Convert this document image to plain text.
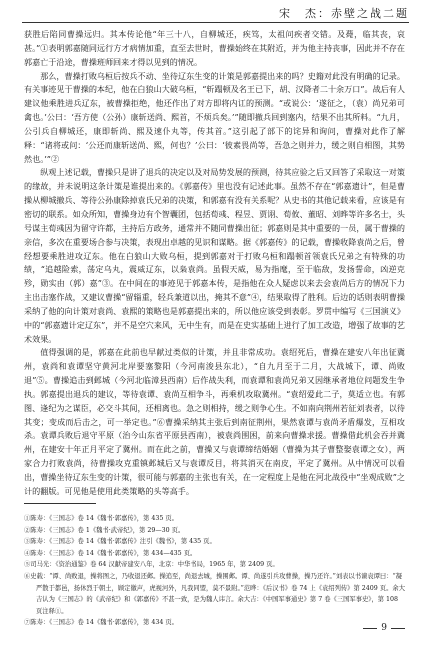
宋　杰：赤壁之战二题

获胜后陷同曹操远归。其本传论他“年三十八，自柳城还，疾笃，太祖问疾者交错。及薨，临其丧，哀甚。”①表明郭嘉随同远行方才病情加重，直至去世时，曹操始终在其附近，并为他主持丧事，因此并不存在郭嘉亡于沿途，曹操班师回来才得以见到的情况。

那么，曹操打败乌桓后按兵不动、坐待辽东生变的计策是郭嘉提出来的吗？史籍对此没有明确的记录。有关事迹见于曹操的本纪，他在白狼山大破乌桓，“斩蹋顿及名王已下，胡、汉降者二十余万口”。战后有人建议他乘胜进兵辽东，被曹操拒绝，他还作出了对方即将内讧的预测。“或说公：‘遂征之，（袁）尚兄弟可禽也。’公曰：‘吾方使（公孙）康斩送尚、熙首，不烦兵矣。’”随即撤兵回到塞内，结果不出其所料。“九月，公引兵自柳城还，康即斩尚、熙及速仆丸等，传其首。”这引起了部下的诧异和询问，曹操对此作了解释：“诸将或问：‘公还而康斩送尚、熙，何也？’公曰：‘彼素畏尚等，吾急之则并力，缓之则自相图，其势然也。’”②

纵观上述记载，曹操只是讲了退兵的决定以及对局势发展的预测，待其应验之后又回答了采取这一对策的缘故，并未说明这条计策是谁提出来的。《郭嘉传》里也没有记述此事。虽然不存在“郭嘉遗计”，但是曹操从柳城撤兵、等待公孙康除掉袁氏兄弟的决策，和郭嘉有没有关系呢？从史书的其他记载来看，应该是有密切的联系。如众所知，曹操身边有个智囊团，包括荀彧、程昱、贾诩、荀攸、董昭、刘晔等许多名士，头号谋主荀彧因为留守许都，主持后方政务，通常并不随同曹操出征；郭嘉则是其中重要的一员，属于曹操的亲信，多次在重要场合参与决策，表现出卓越的见识和谋略。据《郭嘉传》的记载，曹操收降袁尚之后，曾经想要乘胜进攻辽东。他在白狼山大败乌桓，提到郭嘉对于打败乌桓和蹋顿首领袁氏兄弟之有特殊的功绩，“追越险索，荡定乌丸，震威辽东，以枭袁尚。虽假天威，易为指麾，至于临敌，发扬誓命，凶逆克殄，勋实由（郭）嘉”③。在中间在的事迹见于郭嘉本传，是指他在众人疑虑以来去会袁尚后方的情况下力主出击塞作战，又建议曹操“留辎重，轻兵兼道以出，掩其不意”④，结果取得了胜利。后边的话则表明曹操采纳了他的向计策对袁尚、袁熙的策略也是郭嘉提出来的，所以他应该受到表彰。罗贯中编写《三国演义》中的“郭嘉遗计定辽东”，并不是空穴来风，无中生有，而是在史实基础上进行了加工改造，增强了故事的艺术效果。

值得强调的是，郭嘉在此前也早献过类似的计策，并且非常成功。袁绍死后，曹操在建安八年出征冀州，袁尚和袁谭坚守黄河北岸要塞黎阳（今河南浚县东北），“自九月至于二月，大战城下，谭、尚败退”⑤。曹操追击到邺城（今河北临漳县西南）后作战失利，而袁谭和袁尚兄弟又因继承者地位问题发生争执。郭嘉提出退兵的建议，等待袁谭、袁尚互相争斗，再乘机攻取冀州。“袁绍爱此二子，莫适立也。有郭图、逢纪为之谋臣，必交斗其间，还相离也。急之则相持，缓之则争心生。不如南向荆州若征刘表者，以待其变；变成而后击之，可一举定也。”⑥曹操采纳其主张后到南征荆州，果然袁谭与袁尚矛盾爆发，互相攻杀。袁谭兵败后退守平原（治今山东省平原县西南），被袁尚围困，前来向曹操求援。曹操借此机会吞并冀州，在建安十年正月平定了冀州。而在此之前，曹操又与袁谭缔结婚姻（曹操为其子曹整娶袁谭之女），两家合力打败袁尚，待曹操攻克重镇邺城后又与袁谭反目，将其消灭在南皮，平定了冀州。从中情况可以看出，曹操坐待辽东生变的计策，很可能与郭嘉的主张也有关，在一定程度上是他在河北战役中“坐观成败”之计的翻版。可见他是使用此类策略的头等高手。

①陈寿：《三国志》卷 14《魏书·郭嘉传》，第 435 页。

②陈寿：《三国志》卷 1《魏书·武帝纪》，第 29—30 页。

③陈寿：《三国志》卷 14《魏书·郭嘉传》注引《魏书》，第 435 页。

④陈寿：《三国志》卷 14《魏书·郭嘉传》，第 434—435 页。

⑤司马光：《资治通鉴》卷 64 汉献帝建安八年，北京：中华书局，1965 年，第 2409 页。

⑥史载：“谭、尚败退，操将图之，乃收退还邺。操追至，尚退去城，操围邺。谭、尚遂引兵攻曹操，操乃还许。”刘表以书谏袁谭曰：“凝严散于都邑，扬休烈于朝土，顾定徽声，虎视河外，凡我同盟，莫不景附。”范晔：《后汉书》卷 74 上《袁绍列传》第 2409 页。余大吉认为《三国志》的《武帝纪》和《郭嘉传》不甚一致，是为魏人讳言。余大吉：《中国军事通史》第 7 卷《三国军事史》，第 108 页注释①。

⑦陈寿：《三国志》卷 14《魏书·郭嘉传》，第 434 页。

9
